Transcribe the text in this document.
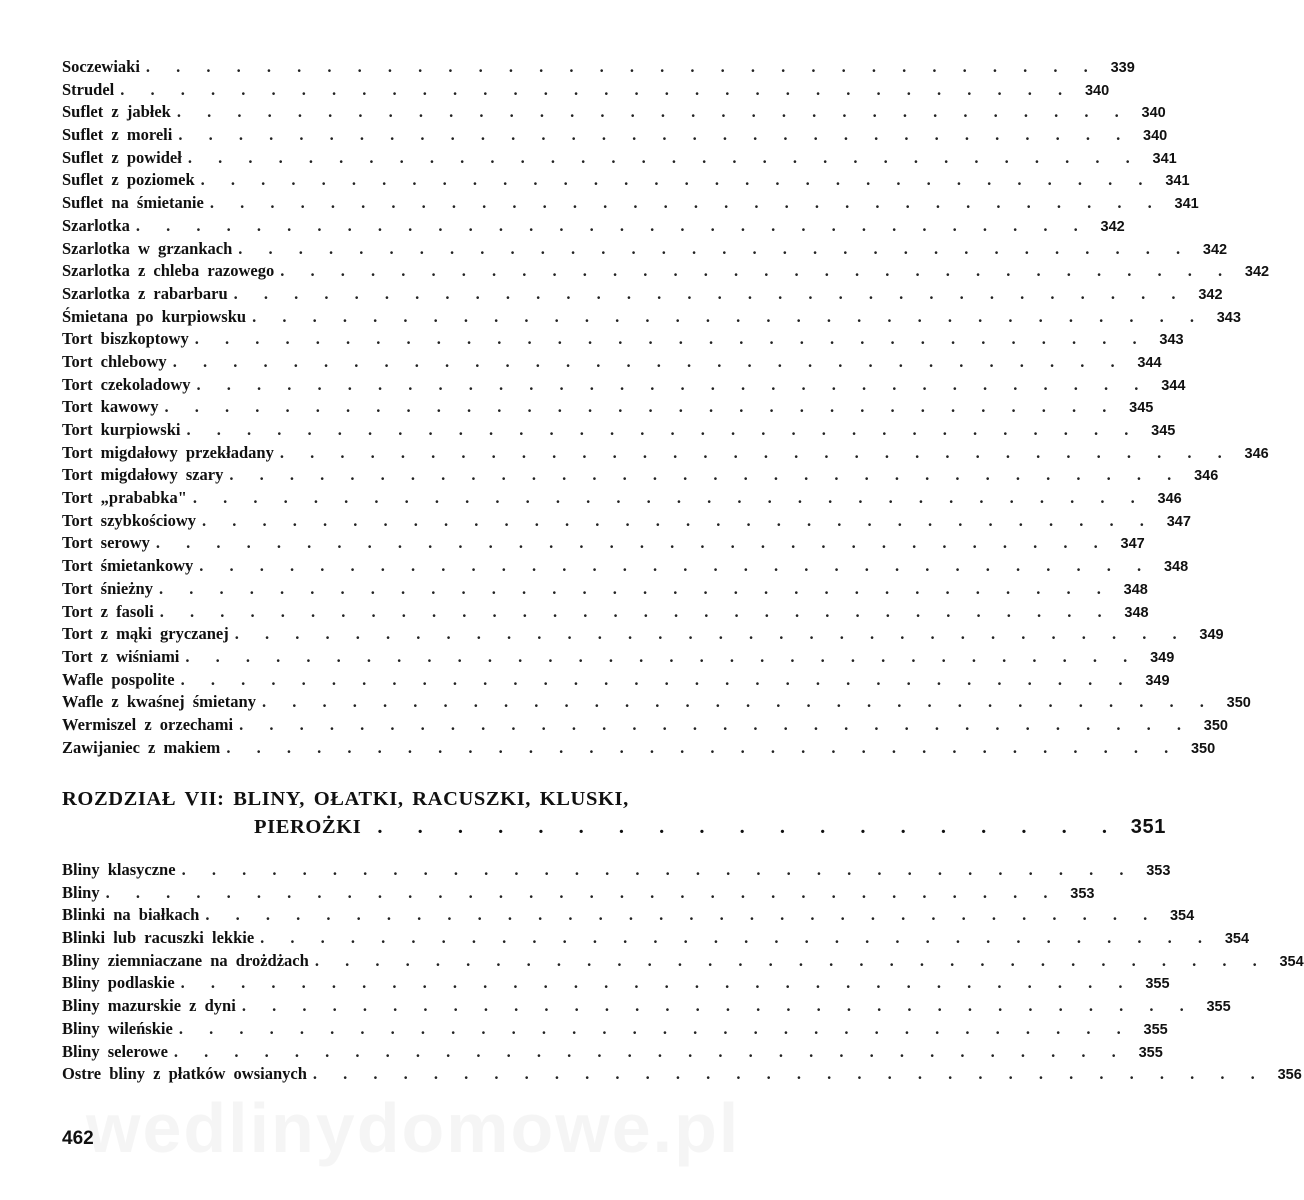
wedlinydomowe.pl
Soczewiaki . . . . . . . . . . . . . . . . . . . . . . . . . . . . . . . . 339
Strudel . . . . . . . . . . . . . . . . . . . . . . . . . . . . . . . . 340
Suflet z jabłek . . . . . . . . . . . . . . . . . . . . . . . . . . . . . . . . 340
Suflet z moreli . . . . . . . . . . . . . . . . . . . . . . . . . . . . . . . . 340
Suflet z powideł . . . . . . . . . . . . . . . . . . . . . . . . . . . . . . . . 341
Suflet z poziomek . . . . . . . . . . . . . . . . . . . . . . . . . . . . . . . . 341
Suflet na śmietanie . . . . . . . . . . . . . . . . . . . . . . . . . . . . . . . . 341
Szarlotka . . . . . . . . . . . . . . . . . . . . . . . . . . . . . . . . 342
Szarlotka w grzankach . . . . . . . . . . . . . . . . . . . . . . . . . . . . . . . . 342
Szarlotka z chleba razowego . . . . . . . . . . . . . . . . . . . . . . . . . . . . . . . . 342
Szarlotka z rabarbaru . . . . . . . . . . . . . . . . . . . . . . . . . . . . . . . . 342
Śmietana po kurpiowsku . . . . . . . . . . . . . . . . . . . . . . . . . . . . . . . . 343
Tort biszkoptowy . . . . . . . . . . . . . . . . . . . . . . . . . . . . . . . . 343
Tort chlebowy . . . . . . . . . . . . . . . . . . . . . . . . . . . . . . . . 344
Tort czekoladowy . . . . . . . . . . . . . . . . . . . . . . . . . . . . . . . . 344
Tort kawowy . . . . . . . . . . . . . . . . . . . . . . . . . . . . . . . . 345
Tort kurpiowski . . . . . . . . . . . . . . . . . . . . . . . . . . . . . . . . 345
Tort migdałowy przekładany . . . . . . . . . . . . . . . . . . . . . . . . . . . . . . . . 346
Tort migdałowy szary . . . . . . . . . . . . . . . . . . . . . . . . . . . . . . . . 346
Tort „prababka" . . . . . . . . . . . . . . . . . . . . . . . . . . . . . . . . 346
Tort szybkościowy . . . . . . . . . . . . . . . . . . . . . . . . . . . . . . . . 347
Tort serowy . . . . . . . . . . . . . . . . . . . . . . . . . . . . . . . . 347
Tort śmietankowy . . . . . . . . . . . . . . . . . . . . . . . . . . . . . . . . 348
Tort śnieżny . . . . . . . . . . . . . . . . . . . . . . . . . . . . . . . . 348
Tort z fasoli . . . . . . . . . . . . . . . . . . . . . . . . . . . . . . . . 348
Tort z mąki gryczanej . . . . . . . . . . . . . . . . . . . . . . . . . . . . . . . . 349
Tort z wiśniami . . . . . . . . . . . . . . . . . . . . . . . . . . . . . . . . 349
Wafle pospolite . . . . . . . . . . . . . . . . . . . . . . . . . . . . . . . . 349
Wafle z kwaśnej śmietany . . . . . . . . . . . . . . . . . . . . . . . . . . . . . . . . 350
Wermiszel z orzechami . . . . . . . . . . . . . . . . . . . . . . . . . . . . . . . . 350
Zawijaniec z makiem . . . . . . . . . . . . . . . . . . . . . . . . . . . . . . . . 350
ROZDZIAŁ VII: BLINY, OŁATKI, RACUSZKI, KLUSKI,
PIEROŻKI . . . . . . . . . . . . . . . . . . . 351
Bliny klasyczne . . . . . . . . . . . . . . . . . . . . . . . . . . . . . . . . 353
Bliny . . . . . . . . . . . . . . . . . . . . . . . . . . . . . . . . 353
Blinki na białkach . . . . . . . . . . . . . . . . . . . . . . . . . . . . . . . . 354
Blinki lub racuszki lekkie . . . . . . . . . . . . . . . . . . . . . . . . . . . . . . . . 354
Bliny ziemniaczane na drożdżach . . . . . . . . . . . . . . . . . . . . . . . . . . . . . . . . 354
Bliny podlaskie . . . . . . . . . . . . . . . . . . . . . . . . . . . . . . . . 355
Bliny mazurskie z dyni . . . . . . . . . . . . . . . . . . . . . . . . . . . . . . . . 355
Bliny wileńskie . . . . . . . . . . . . . . . . . . . . . . . . . . . . . . . . 355
Bliny selerowe . . . . . . . . . . . . . . . . . . . . . . . . . . . . . . . . 355
Ostre bliny z płatków owsianych . . . . . . . . . . . . . . . . . . . . . . . . . . . . . . . . 356
462
